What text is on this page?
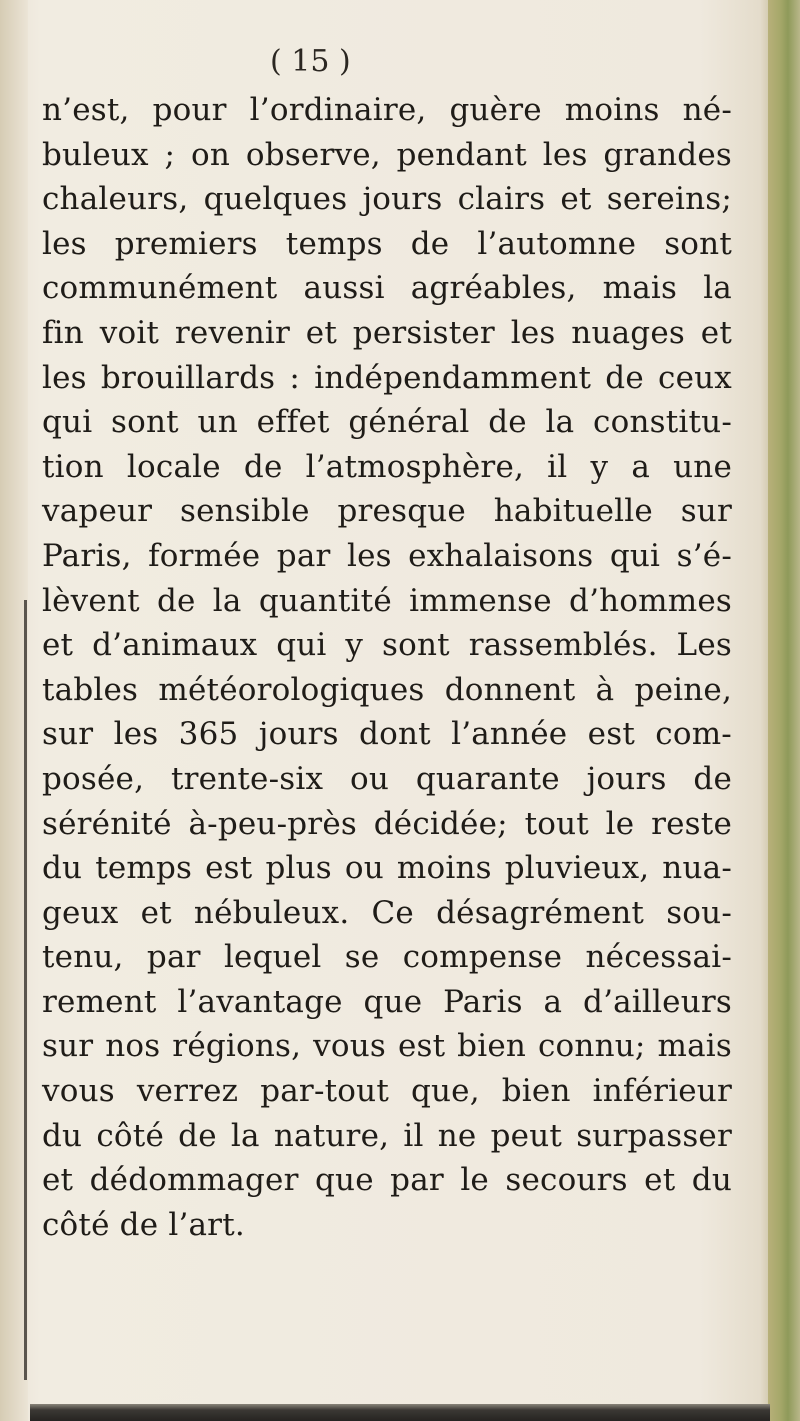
( 15 )

n’est, pour l’ordinaire, guère moins né-
buleux ; on observe, pendant les grandes
chaleurs, quelques jours clairs et sereins;
les premiers temps de l’automne sont
communément aussi agréables, mais la
fin voit revenir et persister les nuages et
les brouillards : indépendamment de ceux
qui sont un effet général de la constitu-
tion locale de l’atmosphère, il y a une
vapeur sensible presque habituelle sur
Paris, formée par les exhalaisons qui s’é-
lèvent de la quantité immense d’hommes
et d’animaux qui y sont rassemblés. Les
tables météorologiques donnent à peine,
sur les 365 jours dont l’année est com-
posée, trente-six ou quarante jours de
sérénité à-peu-près décidée; tout le reste
du temps est plus ou moins pluvieux, nua-
geux et nébuleux. Ce désagrément sou-
tenu, par lequel se compense nécessai-
rement l’avantage que Paris a d’ailleurs
sur nos régions, vous est bien connu; mais
vous verrez par-tout que, bien inférieur
du côté de la nature, il ne peut surpasser
et dédommager que par le secours et du
côté de l’art.
